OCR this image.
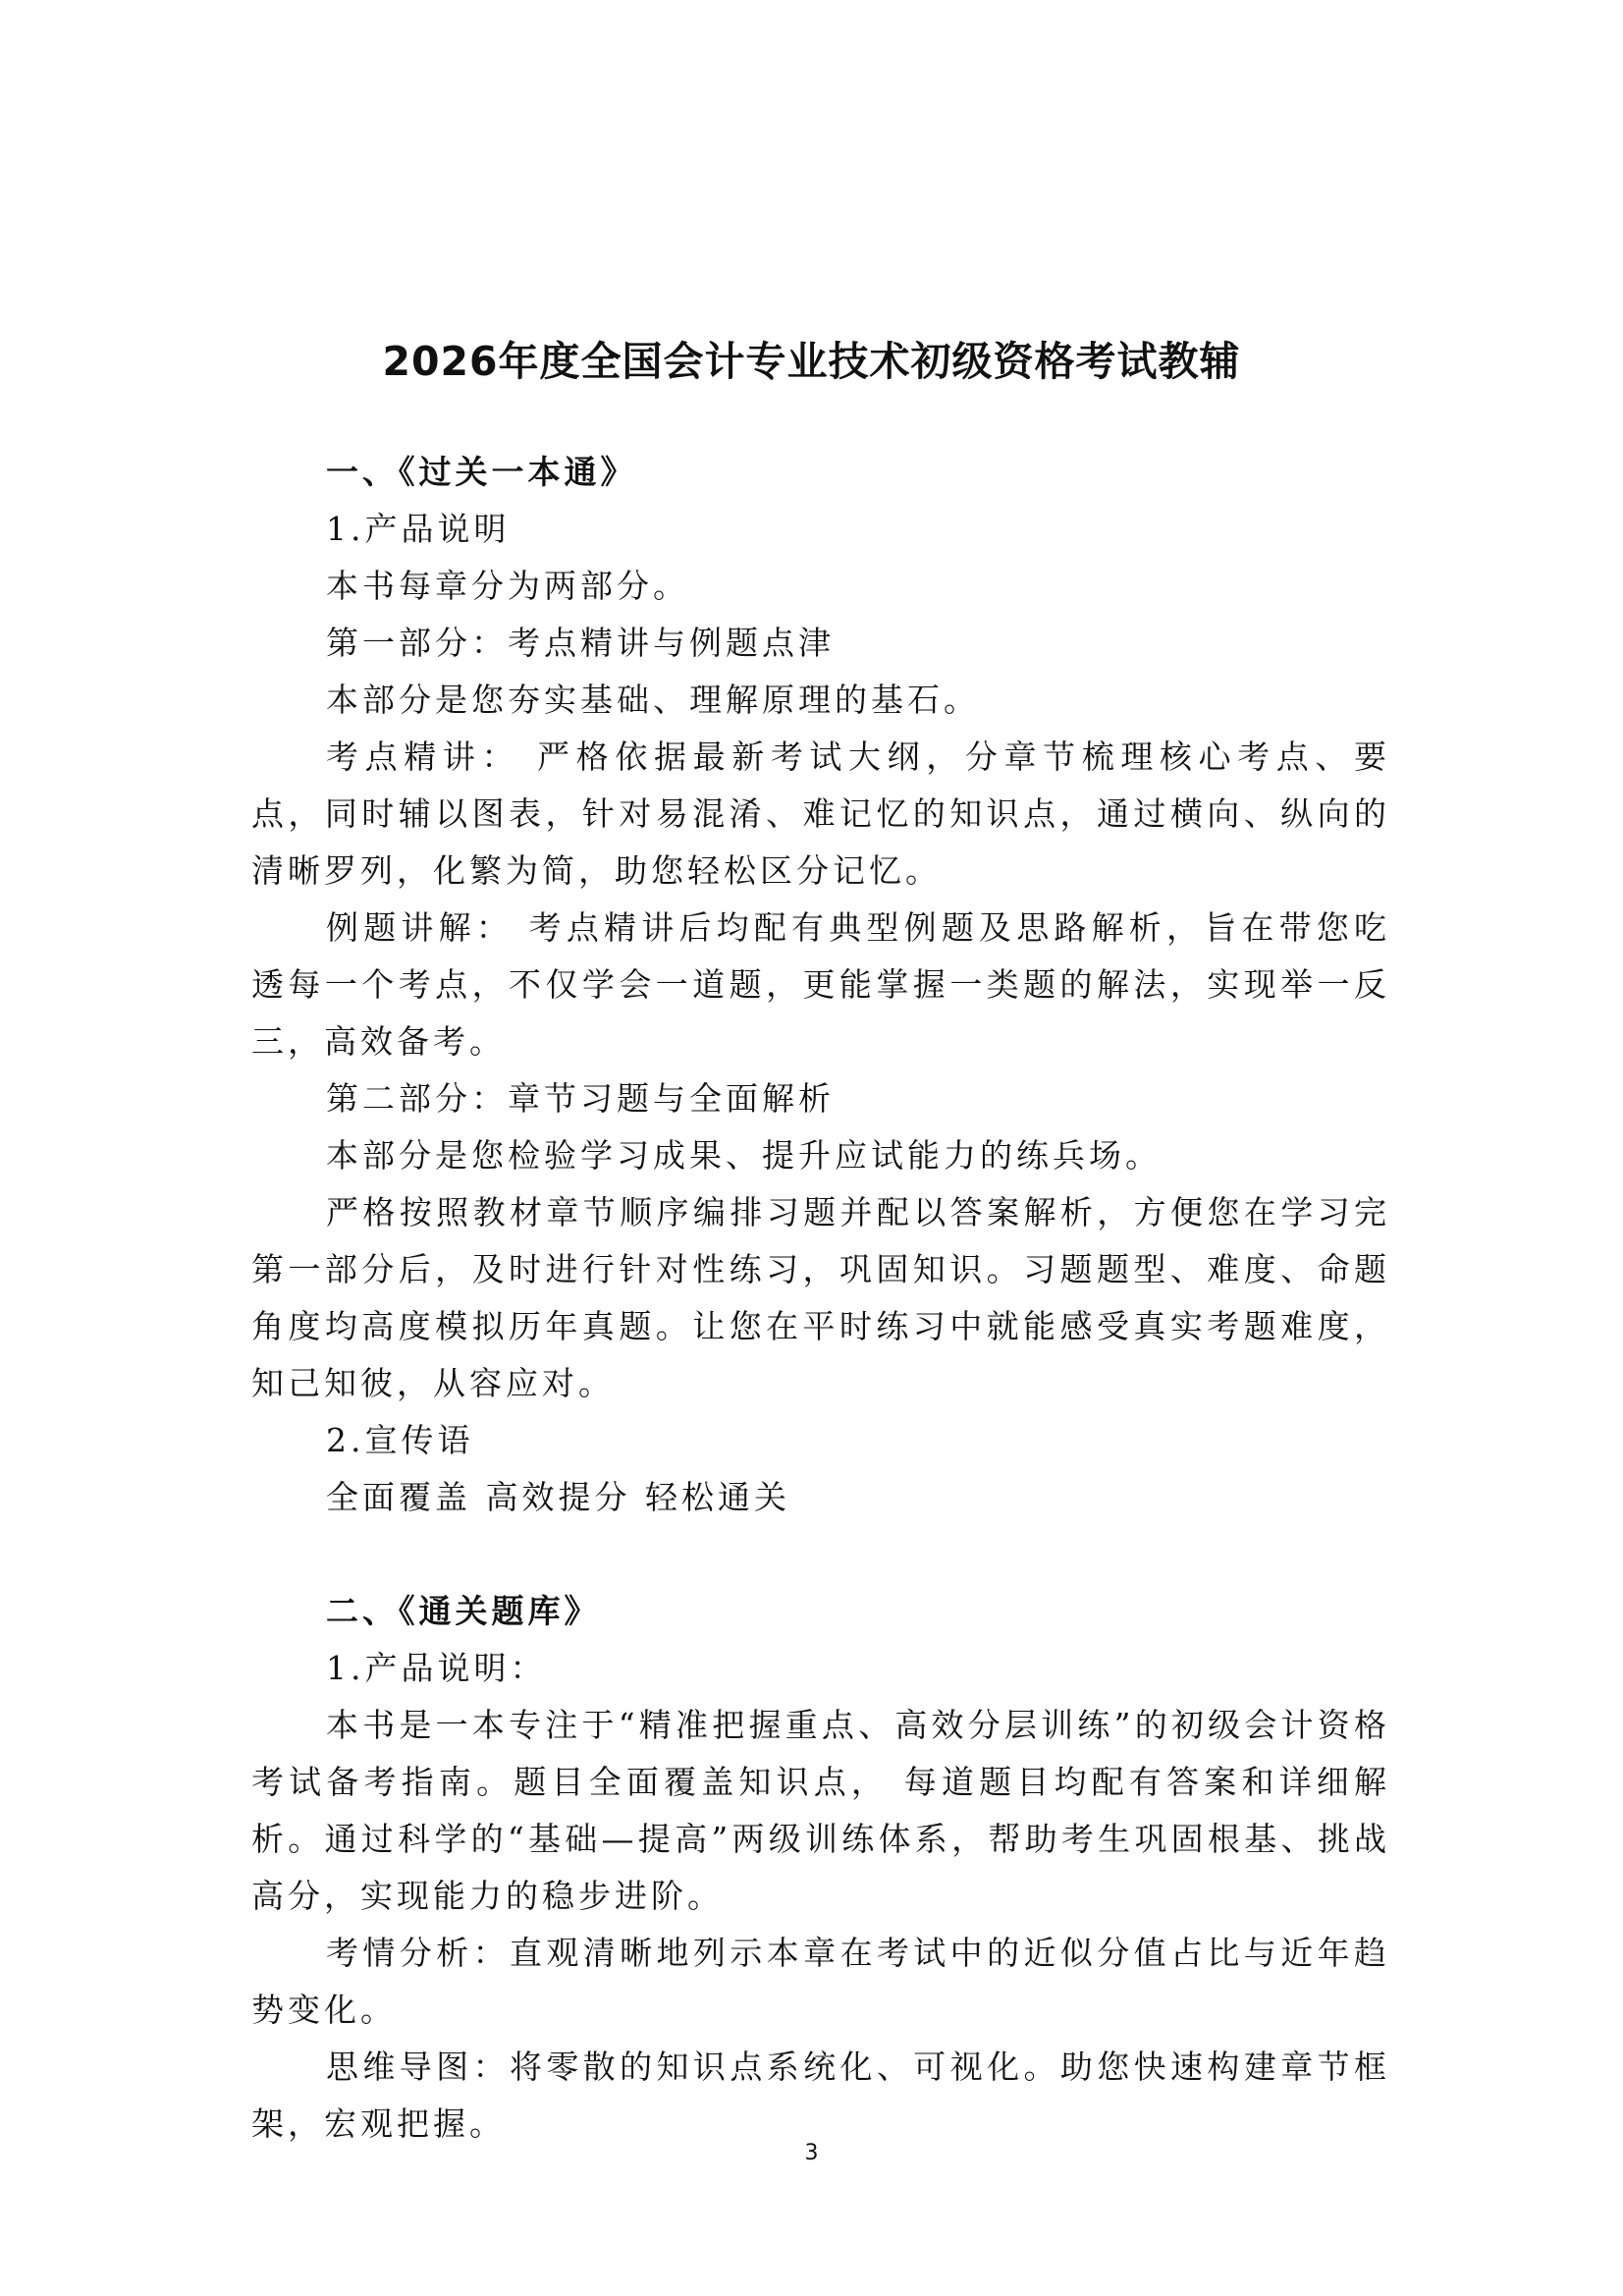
2026年度全国会计专业技术初级资格考试教辅

一、《过关一本通》

1.产品说明

本书每章分为两部分。

第一部分：考点精讲与例题点津

本部分是您夯实基础、理解原理的基石。

考点精讲： 严格依据最新考试大纲，分章节梳理核心考点、要点，同时辅以图表，针对易混淆、难记忆的知识点，通过横向、纵向的清晰罗列，化繁为简，助您轻松区分记忆。

例题讲解： 考点精讲后均配有典型例题及思路解析，旨在带您吃透每一个考点，不仅学会一道题，更能掌握一类题的解法，实现举一反三，高效备考。

第二部分：章节习题与全面解析

本部分是您检验学习成果、提升应试能力的练兵场。

严格按照教材章节顺序编排习题并配以答案解析，方便您在学习完第一部分后，及时进行针对性练习，巩固知识。习题题型、难度、命题角度均高度模拟历年真题。让您在平时练习中就能感受真实考题难度，知己知彼，从容应对。

2.宣传语

全面覆盖 高效提分 轻松通关

二、《通关题库》

1.产品说明：

本书是一本专注于“精准把握重点、高效分层训练”的初级会计资格考试备考指南。题目全面覆盖知识点， 每道题目均配有答案和详细解析。通过科学的“基础—提高”两级训练体系，帮助考生巩固根基、挑战高分，实现能力的稳步进阶。

考情分析：直观清晰地列示本章在考试中的近似分值占比与近年趋势变化。

思维导图：将零散的知识点系统化、可视化。助您快速构建章节框架，宏观把握。

3
